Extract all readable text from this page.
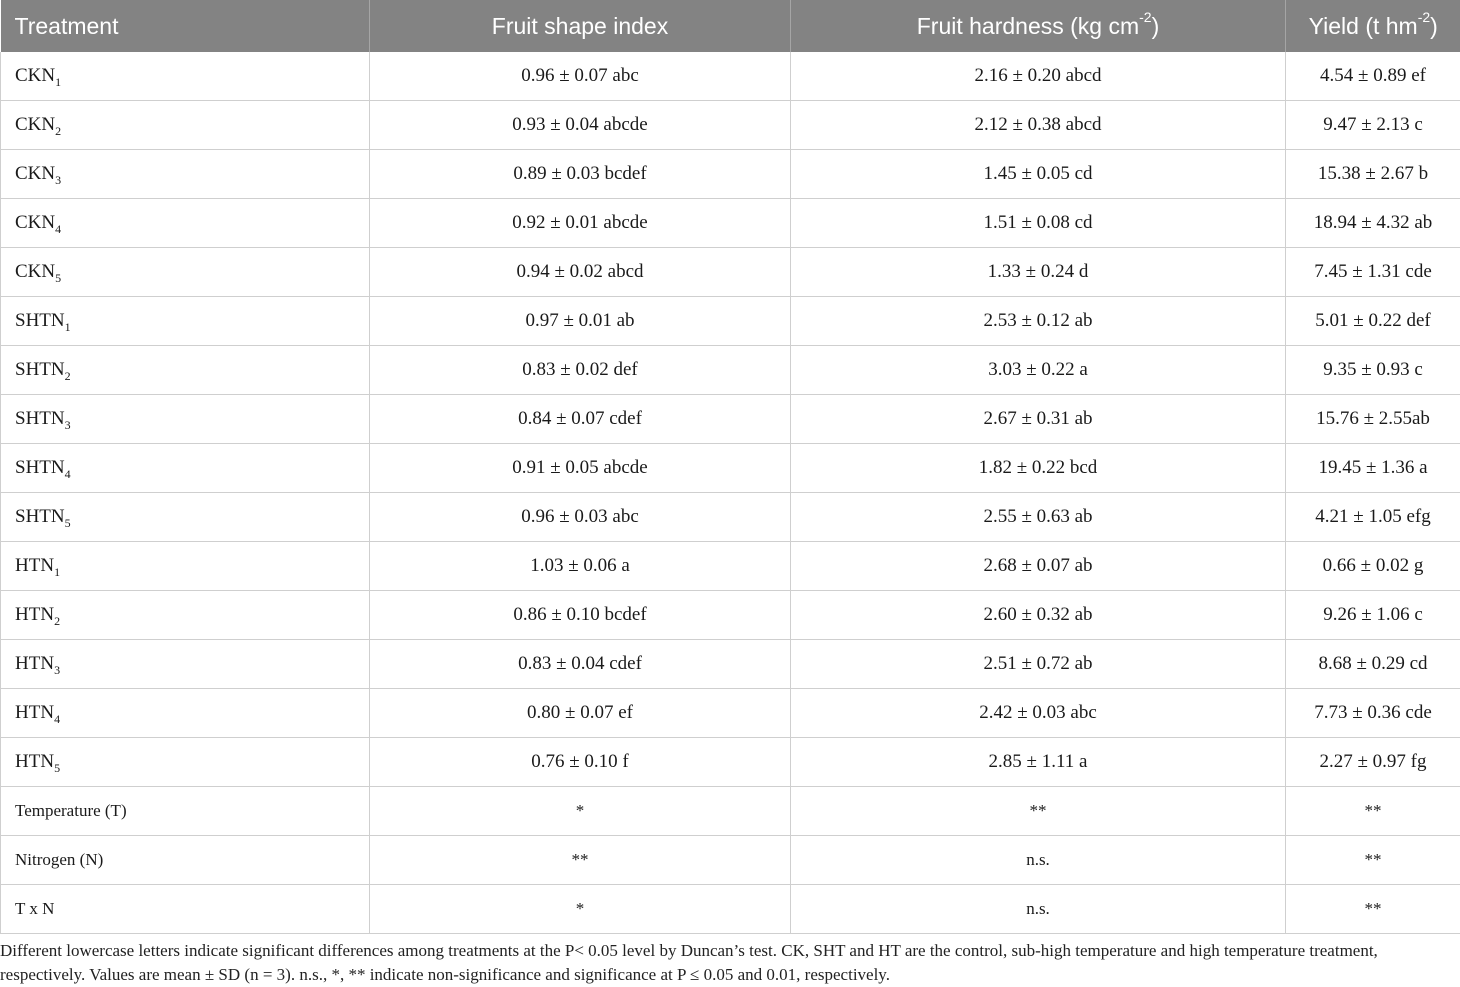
Treatment	Fruit shape index	Fruit hardness (kg $cm^{-2}$)	Yield (t $hm^{-2}$)
$CKN_1$	0.96 ± 0.07 abc	2.16 ± 0.20 abcd	4.54 ± 0.89 ef
$CKN_2$	0.93 ± 0.04 abcde	2.12 ± 0.38 abcd	9.47 ± 2.13 c
$CKN_3$	0.89 ± 0.03 bcdef	1.45 ± 0.05 cd	15.38 ± 2.67 b
$CKN_4$	0.92 ± 0.01 abcde	1.51 ± 0.08 cd	18.94 ± 4.32 ab
$CKN_5$	0.94 ± 0.02 abcd	1.33 ± 0.24 d	7.45 ± 1.31 cde
$SHTN_1$	0.97 ± 0.01 ab	2.53 ± 0.12 ab	5.01 ± 0.22 def
$SHTN_2$	0.83 ± 0.02 def	3.03 ± 0.22 a	9.35 ± 0.93 c
$SHTN_3$	0.84 ± 0.07 cdef	2.67 ± 0.31 ab	15.76 ± 2.55ab
$SHTN_4$	0.91 ± 0.05 abcde	1.82 ± 0.22 bcd	19.45 ± 1.36 a
$SHTN_5$	0.96 ± 0.03 abc	2.55 ± 0.63 ab	4.21 ± 1.05 efg
$HTN_1$	1.03 ± 0.06 a	2.68 ± 0.07 ab	0.66 ± 0.02 g
$HTN_2$	0.86 ± 0.10 bcdef	2.60 ± 0.32 ab	9.26 ± 1.06 c
$HTN_3$	0.83 ± 0.04 cdef	2.51 ± 0.72 ab	8.68 ± 0.29 cd
$HTN_4$	0.80 ± 0.07 ef	2.42 ± 0.03 abc	7.73 ± 0.36 cde
$HTN_5$	0.76 ± 0.10 f	2.85 ± 1.11 a	2.27 ± 0.97 fg
Temperature (T)	*	**	**
Nitrogen (N)	**	n.s.	**
T x N	*	n.s.	**

Different lowercase letters indicate significant differences among treatments at the P< 0.05 level by Duncan’s test. CK, SHT and HT are the control, sub-high temperature and high temperature treatment, respectively. Values are mean ± SD (n = 3). n.s., *, ** indicate non-significance and significance at P ≤ 0.05 and 0.01, respectively.
